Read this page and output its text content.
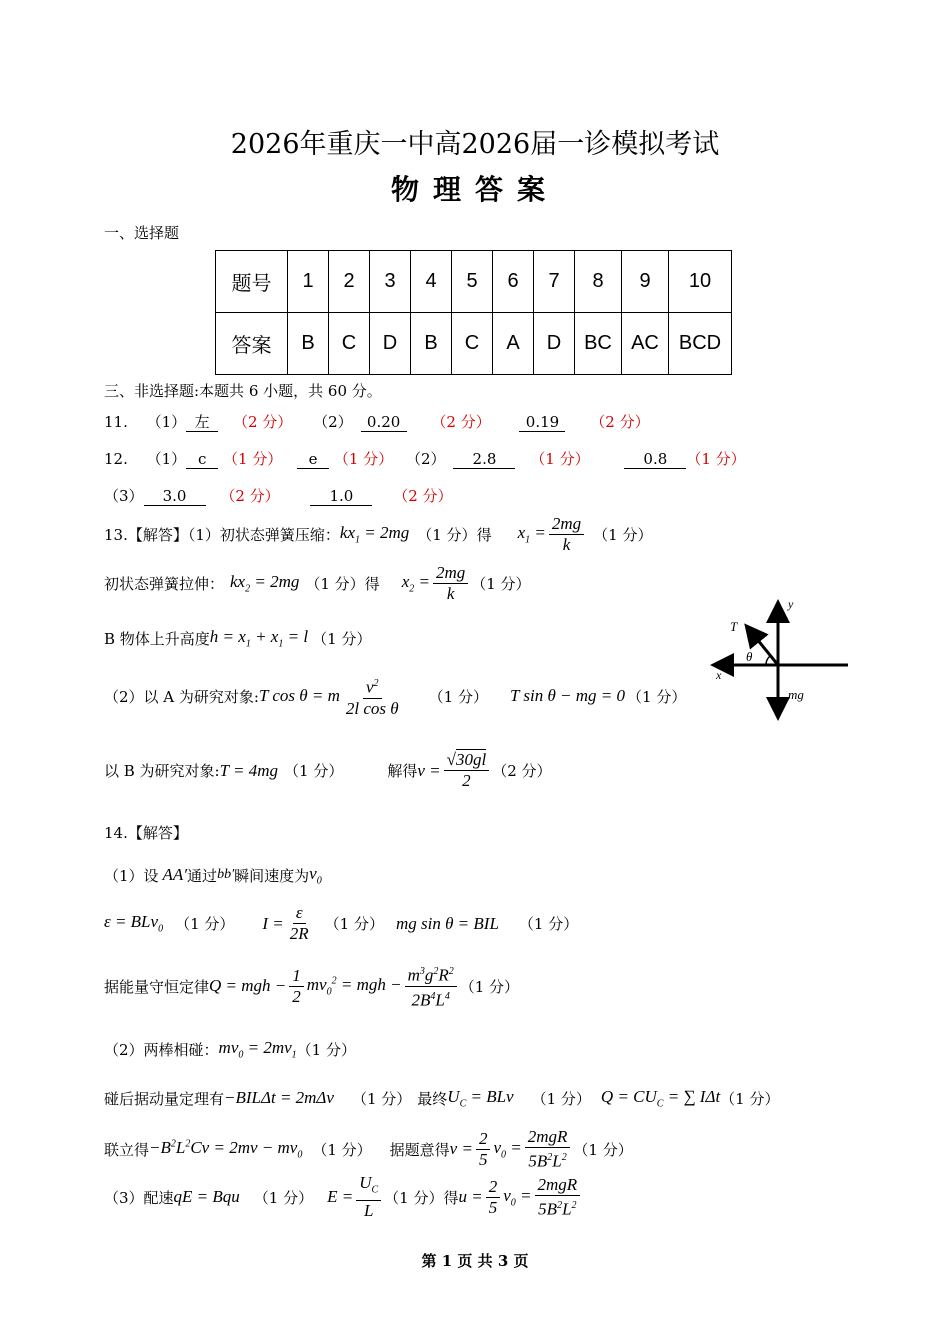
2026年重庆一中高2026届一诊模拟考试
物理答案
一、选择题
题号	1	2	3	4	5	6	7	8	9	10
答案	B	C	D	B	C	A	D	BC	AC	BCD
三、非选择题:本题共 6 小题，共 60 分。
11. （1） 左 （2 分） （2） 0.20 （2 分） 0.19 （2 分）
12. （1） c （1 分） e （1 分） （2） 2.8 （1 分）	0.8 （1 分）
（3） 3.0 （2 分）	1.0	（2 分）
13.【解答】（1）初状态弹簧压缩： $kx_1 = 2mg$ （1 分） 得 $x_1 = \frac{2mg}{k} (1$ 分）
初状态弹簧拉伸： $kx_2 = 2mg$ （1 分） 得 $x_2 = \frac{2mg}{k} (1$ 分）
B 物体上升高度 $h = x_1 + x_1 = l$ （1 分）
（2）以 A 为研究对象: T cos θ = m $\frac{v^2}{\text{2l cos θ}} (1$ 分） T sin θ − mg = 0 （1 分）
以 B 为研究对象: T = 4mg （1 分）	解得 $v = \frac{√30gl}{2} (2$ 分）
T
y
θ
x
mg
14.【解答】
（1）设 AA′ 通过 bb′ 瞬间速度为 $v_0$
ε = BLv$_0$ （1 分） $I = \frac{\varepsilon}{2R} (1$ 分） mg sin θ = BIL （1 分）
据能量守恒定律 Q = mgh − $\frac{1}{2} mv_0^2$ = mgh − $\frac{m^3g^2R^2}{2B^4L^4} (1$ 分）
（2）两棒相碰： $mv_0 = 2mv_1$ （1 分）
碰后据动量定理有 −BILΔt = 2mΔv （1 分） 最终 $U_C$ = BLv （1 分） $Q = CU_C$ = ∑ IΔt （1 分）
联立得 $-B^2L^2Cv = 2mv - mv_0$ （1 分） 据题意得 $v = \frac{2}{5} v_0 = \frac{\text{2mgR}}{5B^2L^2} (1$ 分）
（3）配速 qE = Bqu （1 分） $E = \frac{U_C}{L} (1$ 分） 得 $u = \frac{2}{5} v_0 = \frac{\text{2mgR}}{5B^2L^2}$
第 1 页 共 3 页
